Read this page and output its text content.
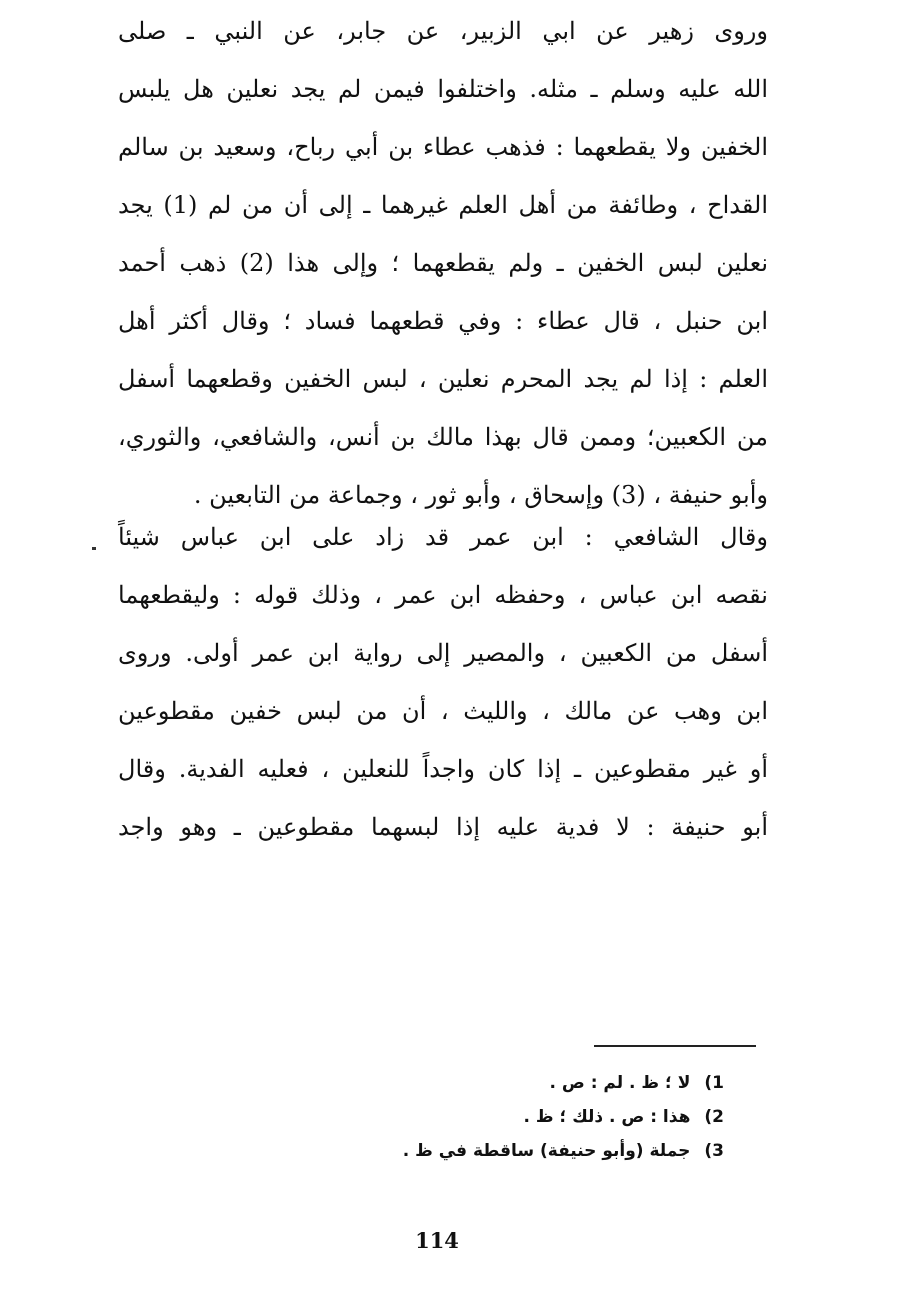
وروى زهير عن ابي الزبير، عن جابر، عن النبي ـ صلى
الله عليه وسلم ـ مثله. واختلفوا فيمن لم يجد نعلين هل يلبس
الخفين ولا يقطعهما : فذهب عطاء بن أبي رباح، وسعيد بن سالم
القداح ، وطائفة من أهل العلم غيرهما ـ إلى أن من لم (1) يجد
نعلين لبس الخفين ـ ولم يقطعهما ؛ وإلى هذا (2) ذهب أحمد
ابن حنبل ، قال عطاء : وفي قطعهما فساد ؛ وقال أكثر أهل
العلم : إذا لم يجد المحرم نعلين ، لبس الخفين وقطعهما أسفل
من الكعبين؛ وممن قال بهذا مالك بن أنس، والشافعي، والثوري،
وأبو حنيفة ، (3) وإسحاق ، وأبو ثور ، وجماعة من التابعين .
وقال الشافعي : ابن عمر قد زاد على ابن عباس شيئاً
نقصه ابن عباس ، وحفظه ابن عمر ، وذلك قوله : وليقطعهما
أسفل من الكعبين ، والمصير إلى رواية ابن عمر أولى. وروى
ابن وهب عن مالك ، والليث ، أن من لبس خفين مقطوعين
أو غير مقطوعين ـ إذا كان واجداً للنعلين ، فعليه الفدية. وقال
أبو حنيفة : لا فدية عليه إذا لبسهما مقطوعين ـ وهو واجد
1)لا ؛ ظ . لم : ص .
2)هذا : ص . ذلك ؛ ظ .
3)جملة (وأبو حنيفة) ساقطة في ظ .
114
